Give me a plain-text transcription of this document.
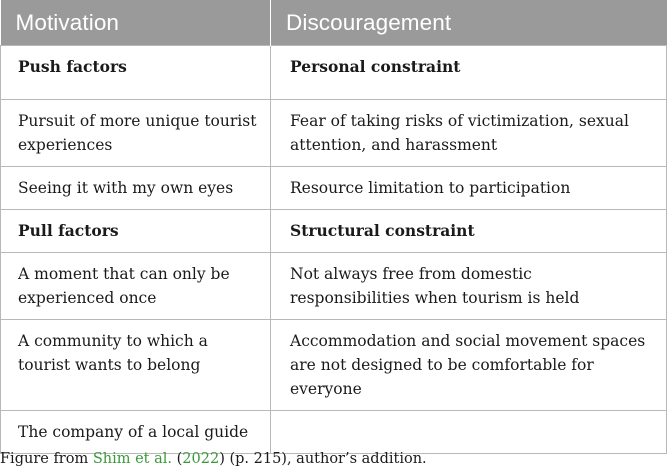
Motivation	Discouragement
Push factors	Personal constraint
Pursuit of more unique tourist experiences	Fear of taking risks of victimization, sexual attention, and harassment
Seeing it with my own eyes	Resource limitation to participation
Pull factors	Structural constraint
A moment that can only be experienced once	Not always free from domestic responsibilities when tourism is held
A community to which a tourist wants to belong	Accommodation and social movement spaces are not designed to be comfortable for everyone
The company of a local guide	
Figure from Shim et al. (2022) (p. 215), author’s addition.
